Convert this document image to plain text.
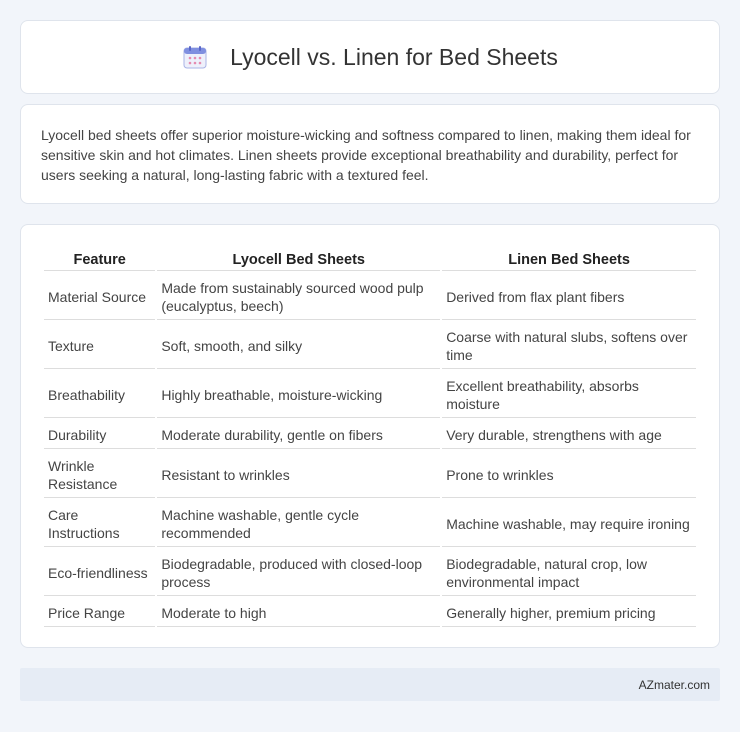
Lyocell vs. Linen for Bed Sheets

Lyocell bed sheets offer superior moisture-wicking and softness compared to linen, making them ideal for sensitive skin and hot climates. Linen sheets provide exceptional breathability and durability, perfect for users seeking a natural, long-lasting fabric with a textured feel.

Feature	Lyocell Bed Sheets	Linen Bed Sheets
Material Source	Made from sustainably sourced wood pulp (eucalyptus, beech)	Derived from flax plant fibers
Texture	Soft, smooth, and silky	Coarse with natural slubs, softens over time
Breathability	Highly breathable, moisture-wicking	Excellent breathability, absorbs moisture
Durability	Moderate durability, gentle on fibers	Very durable, strengthens with age
Wrinkle Resistance	Resistant to wrinkles	Prone to wrinkles
Care Instructions	Machine washable, gentle cycle recommended	Machine washable, may require ironing
Eco-friendliness	Biodegradable, produced with closed-loop process	Biodegradable, natural crop, low environmental impact
Price Range	Moderate to high	Generally higher, premium pricing
AZmater.com
